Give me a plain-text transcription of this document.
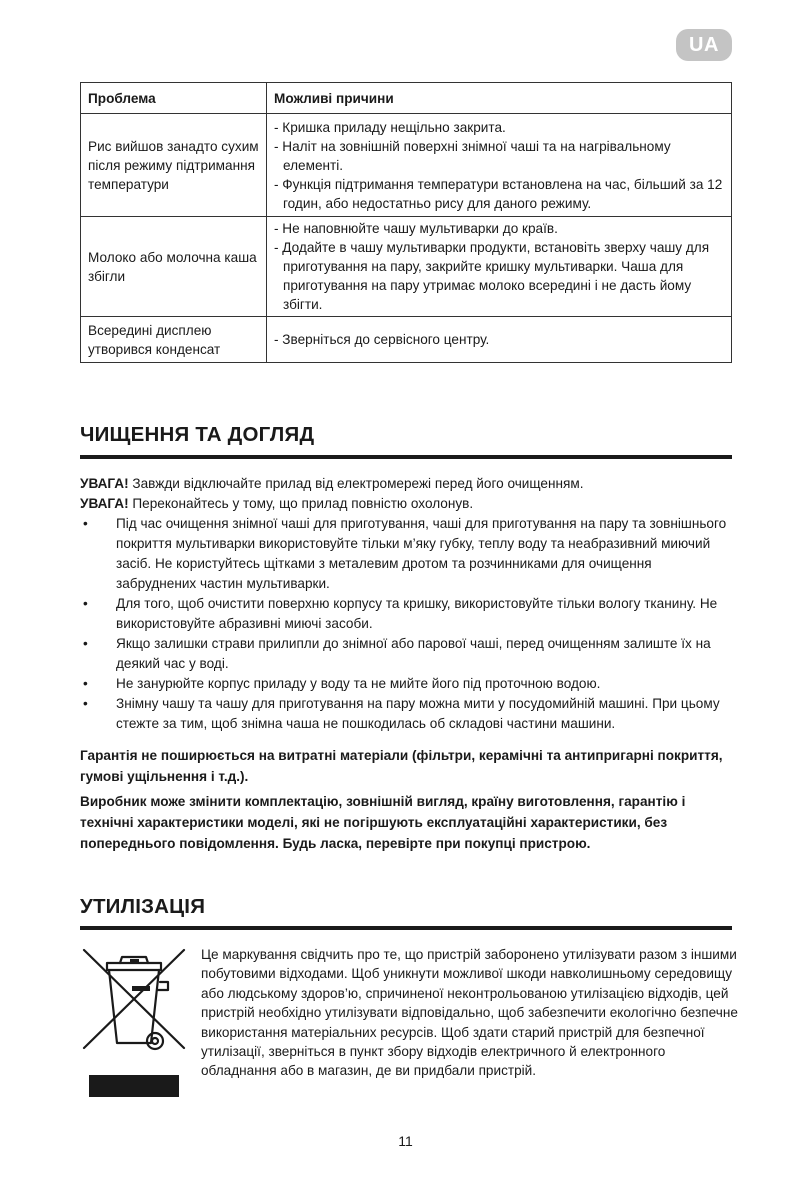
UA
Проблема	Можливі причини
Рис вийшов занадто сухим після режиму підтримання температури	- Кришка приладу нещільно закрита.
- Наліт на зовнішній поверхні знімної чаші та на нагрівальному елементі.
- Функція підтримання температури встановлена на час, більший за 12 годин, або недостатньо рису для даного режиму.

Молоко або молочна каша збігли	- Не наповнюйте чашу мультиварки до країв.
- Додайте в чашу мультиварки продукти, встановіть зверху чашу для приготування на пару, закрийте кришку мультиварки. Чаша для приготування на пару утримає молоко всередині і не дасть йому збігти.

Всередині дисплею утворився конденсат	- Зверніться до сервісного центру.
ЧИЩЕННЯ ТА ДОГЛЯД

УВАГА! Завжди відключайте прилад від електромережі перед його очищенням.

УВАГА! Переконайтесь у тому, що прилад повністю охолонув.

• Під час очищення знімної чаші для приготування, чаші для приготування на пару та зовнішнього покриття мультиварки використовуйте тільки м’яку губку, теплу воду та неабразивний миючий засіб. Не користуйтесь щітками з металевим дротом та розчинниками для очищення забруднених частин мультиварки.
• Для того, щоб очистити поверхню корпусу та кришку, використовуйте тільки вологу тканину. Не використовуйте абразивні миючі засоби.
• Якщо залишки страви прилипли до знімної або парової чаші, перед очищенням залиште їх на деякий час у воді.
• Не занурюйте корпус приладу у воду та не мийте його під проточною водою.
• Знімну чашу та чашу для приготування на пару можна мити у посудомийній машині. При цьому стежте за тим, щоб знімна чаша не пошкодилась об складові частини машини.

Гарантія не поширюється на витратні матеріали (фільтри, керамічні та антипригарні покриття, гумові ущільнення і т.д.).

Виробник може змінити комплектацію, зовнішній вигляд, країну виготовлення, гарантію і технічні характеристики моделі, які не погіршують експлуатаційні характеристики, без попереднього повідомлення. Будь ласка, перевірте при покупці пристрою.

УТИЛІЗАЦІЯ

Це маркування свідчить про те, що пристрій заборонено утилізувати разом з іншими побутовими відходами. Щоб уникнути можливої шкоди навколишньому середовищу або людському здоров’ю, спричиненої неконтрольованою утилізацією відходів, цей пристрій необхідно утилізувати відповідально, щоб забезпечити екологічно безпечне використання матеріальних ресурсів. Щоб здати старий пристрій для безпечної утилізації, зверніться в пункт збору відходів електричного й електронного обладнання або в магазин, де ви придбали пристрій.

11
